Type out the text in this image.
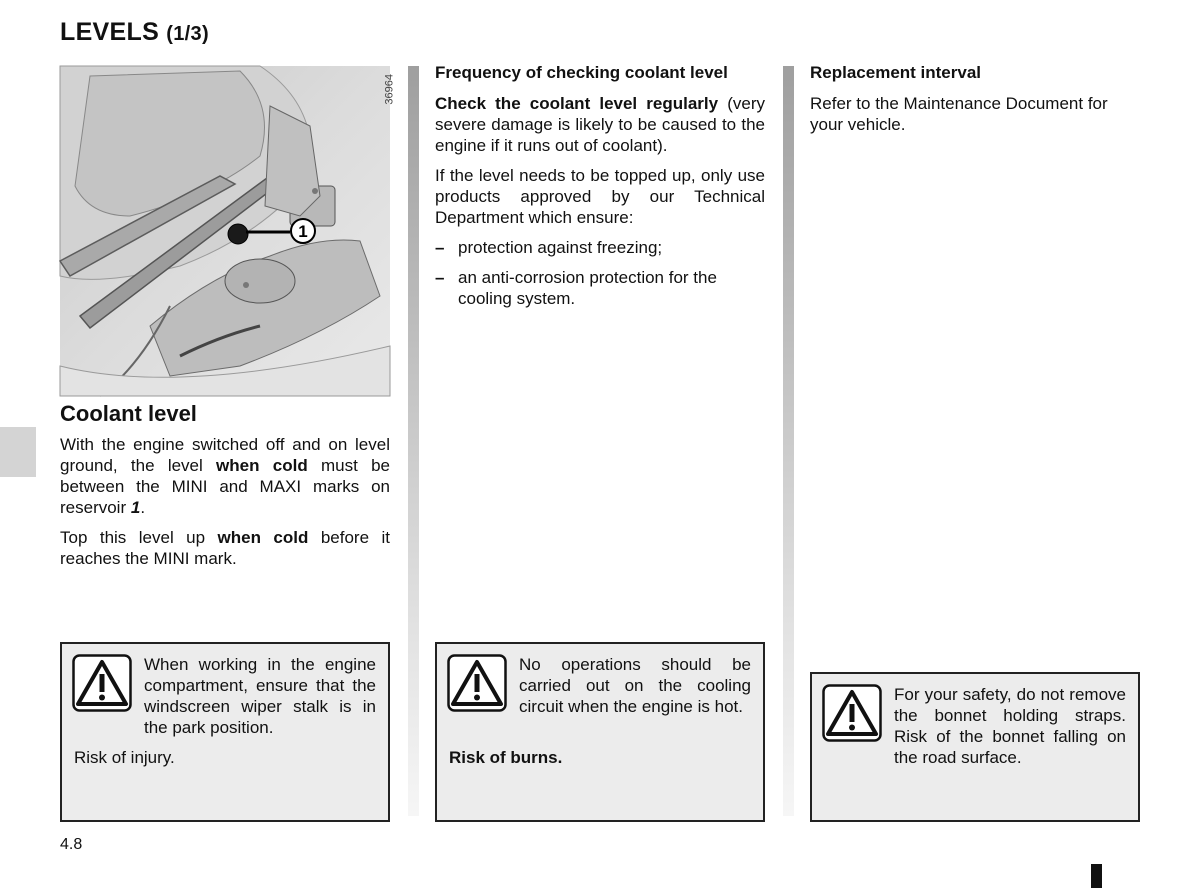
LEVELS (1/3)
1
36964
Coolant level

With the engine switched off and on level ground, the level when cold must be between the MINI and MAXI marks on reservoir 1.

Top this level up when cold before it reaches the MINI mark.

Frequency of checking coolant level

Check the coolant level regularly (very severe damage is likely to be caused to the engine if it runs out of coolant).

If the level needs to be topped up, only use products approved by our Technical Department which ensure:

– protection against freezing;
– an anti-corrosion protection for the cooling system.
Replacement interval

Refer to the Maintenance Document for your vehicle.

When working in the engine compartment, ensure that the windscreen wiper stalk is in the park position.
Risk of injury.
No operations should be carried out on the cooling circuit when the engine is hot.
Risk of burns.
For your safety, do not remove the bonnet holding straps. Risk of the bonnet falling on the road surface.
4.8
